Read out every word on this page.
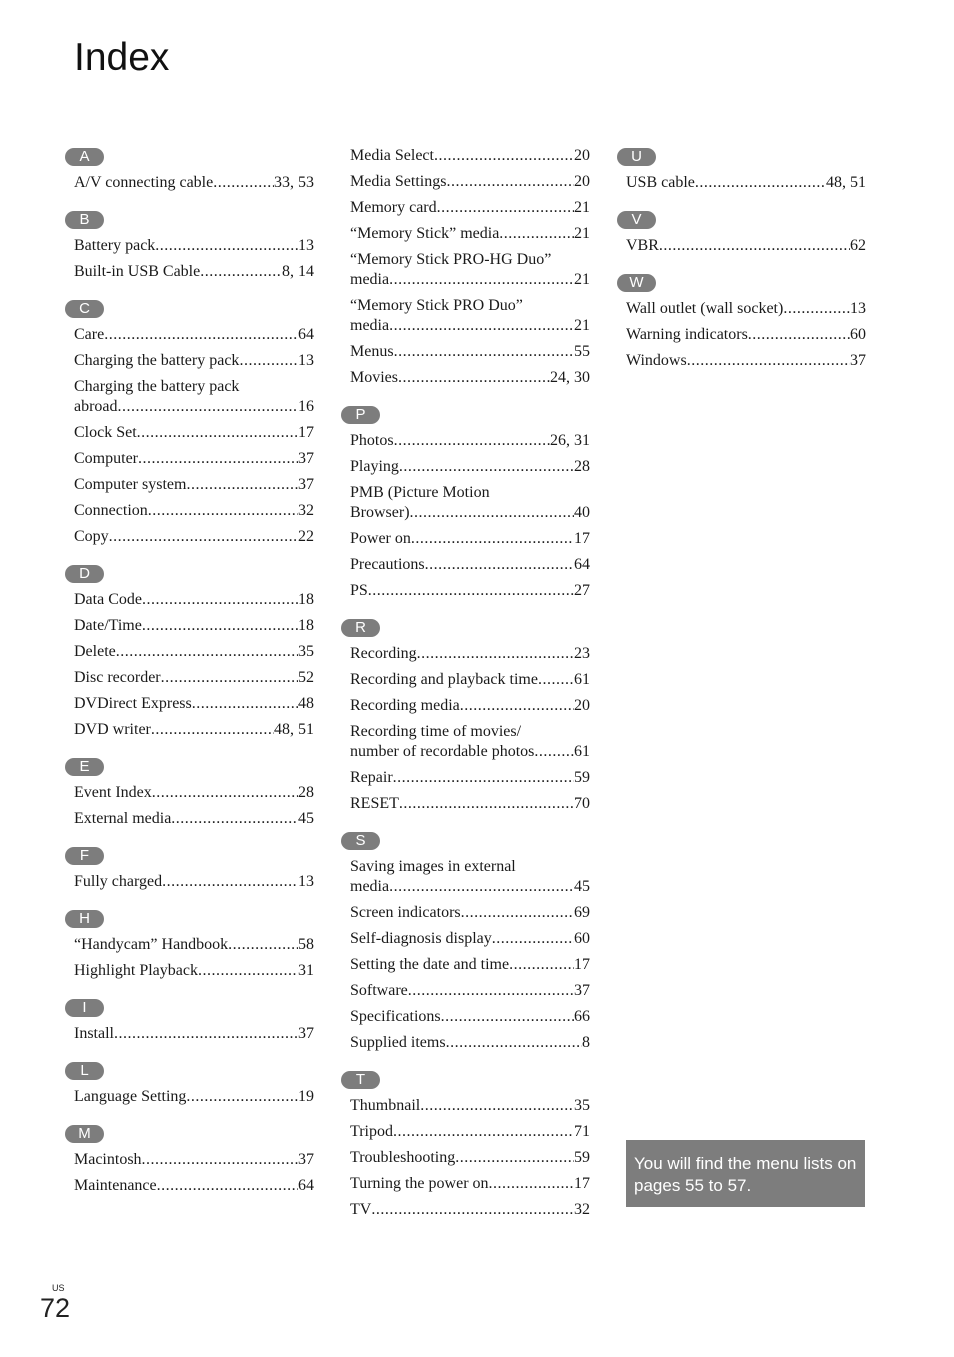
Index
A
A/V connecting cable .....	33, 53
B
Battery pack .....	13
Built-in USB Cable .....	8, 14
C
Care .....	64
Charging the battery pack .....	13
Charging the battery pack
abroad .....	16
Clock Set .....	17
Computer .....	37
Computer system .....	37
Connection .....	32
Copy .....	22
D
Data Code .....	18
Date/Time .....	18
Delete .....	35
Disc recorder .....	52
DVDirect Express .....	48
DVD writer .....	48, 51
E
Event Index .....	28
External media .....	45
F
Fully charged .....	13
H
“Handycam” Handbook .....	58
Highlight Playback .....	31
I
Install .....	37
L
Language Setting .....	19
M
Macintosh .....	37
Maintenance .....	64
Media Select .....	20
Media Settings .....	20
Memory card .....	21
“Memory Stick” media .....	21
“Memory Stick PRO-HG Duo”
media .....	21
“Memory Stick PRO Duo”
media .....	21
Menus .....	55
Movies .....	24, 30
P
Photos .....	26, 31
Playing .....	28
PMB (Picture Motion
Browser) .....	40
Power on .....	17
Precautions .....	64
PS .....	27
R
Recording .....	23
Recording and playback time ..... 61
Recording media .....	20
Recording time of movies/
number of recordable photos ..... 61
Repair .....	59
RESET .....	70
S
Saving images in external
media .....	45
Screen indicators .....	69
Self-diagnosis display .....	60
Setting the date and time .....	17
Software .....	37
Specifications .....	66
Supplied items .....	8
T
Thumbnail .....	35
Tripod .....	71
Troubleshooting .....	59
Turning the power on .....	17
TV .....	32
U
USB cable .....	48, 51
V
VBR .....	62
W
Wall outlet (wall socket) .....	13
Warning indicators .....	60
Windows .....	37
You will find the menu lists on pages 55 to 57.
US
72
